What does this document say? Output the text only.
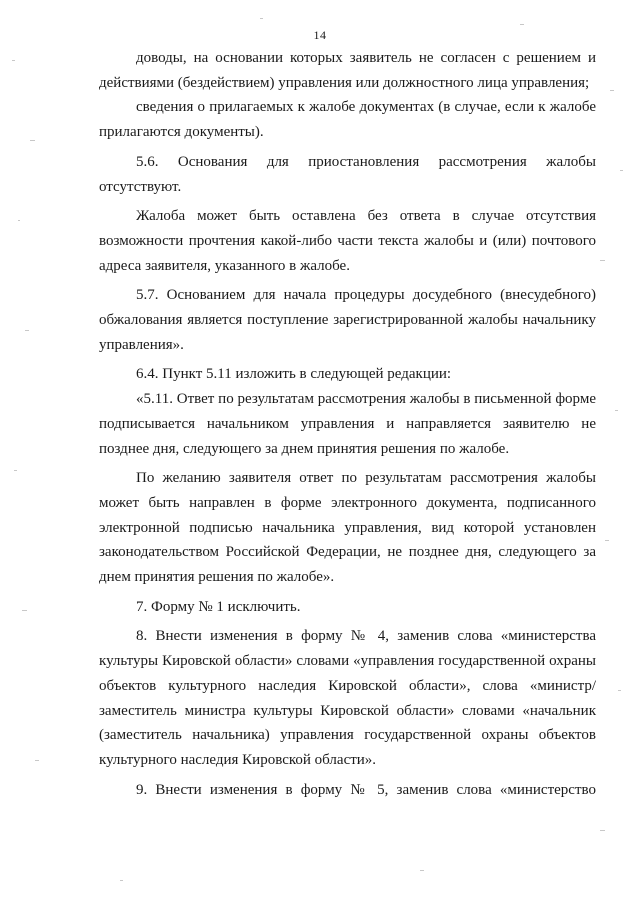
14

доводы, на основании которых заявитель не согласен с решением и действиями (бездействием) управления или должностного лица управления;

сведения о прилагаемых к жалобе документах (в случае, если к жалобе прилагаются документы).

5.6. Основания для приостановления рассмотрения жалобы отсутствуют.

Жалоба может быть оставлена без ответа в случае отсутствия возможности прочтения какой-либо части текста жалобы и (или) почтового адреса заявителя, указанного в жалобе.

5.7. Основанием для начала процедуры досудебного (внесудебного) обжалования является поступление зарегистрированной жалобы начальнику управления».

6.4. Пункт 5.11 изложить в следующей редакции:

«5.11. Ответ по результатам рассмотрения жалобы в письменной форме подписывается начальником управления и направляется заявителю не позднее дня, следующего за днем принятия решения по жалобе.

По желанию заявителя ответ по результатам рассмотрения жалобы может быть направлен в форме электронного документа, подписанного электронной подписью начальника управления, вид которой установлен законодательством Российской Федерации, не позднее дня, следующего за днем принятия решения по жалобе».

7. Форму № 1 исключить.

8. Внести изменения в форму № 4, заменив слова «министерства культуры Кировской области» словами «управления государственной охраны объектов культурного наследия Кировской области», слова «министр/заместитель министра культуры Кировской области» словами «начальник (заместитель начальника) управления государственной охраны объектов культурного наследия Кировской области».

9. Внести изменения в форму № 5, заменив слова «министерство
